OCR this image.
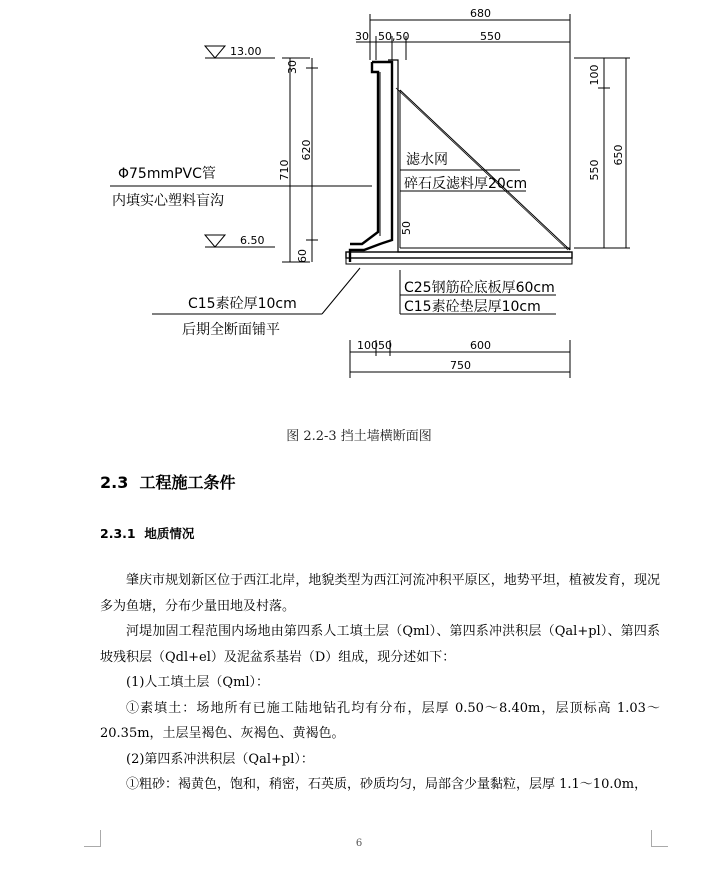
680
30 50,50	550
13.00
6.50
30
710
620
60
50
100
550
650
100 50	600
750
Φ75mmPVC管
内填实心塑料盲沟
滤水网
碎石反滤料厚20cm
C25钢筋砼底板厚60cm
C15素砼垫层厚10cm
C15素砼厚10cm
后期全断面铺平
图 2.2-3 挡土墙横断面图
2.3 工程施工条件
2.3.1 地质情况

肇庆市规划新区位于西江北岸，地貌类型为西江河流冲积平原区，地势平坦，植被发育，现况多为鱼塘，分布少量田地及村落。

河堤加固工程范围内场地由第四系人工填土层（Qml）、第四系冲洪积层（Qal+pl）、第四系坡残积层（Qdl+el）及泥盆系基岩（D）组成，现分述如下：

(1)人工填土层（Qml）：

①素填土：场地所有已施工陆地钻孔均有分布，层厚 0.50～8.40m，层顶标高 1.03～20.35m，土层呈褐色、灰褐色、黄褐色。

(2)第四系冲洪积层（Qal+pl）：

①粗砂：褐黄色，饱和，稍密，石英质，砂质均匀，局部含少量黏粒，层厚 1.1～10.0m，

6
